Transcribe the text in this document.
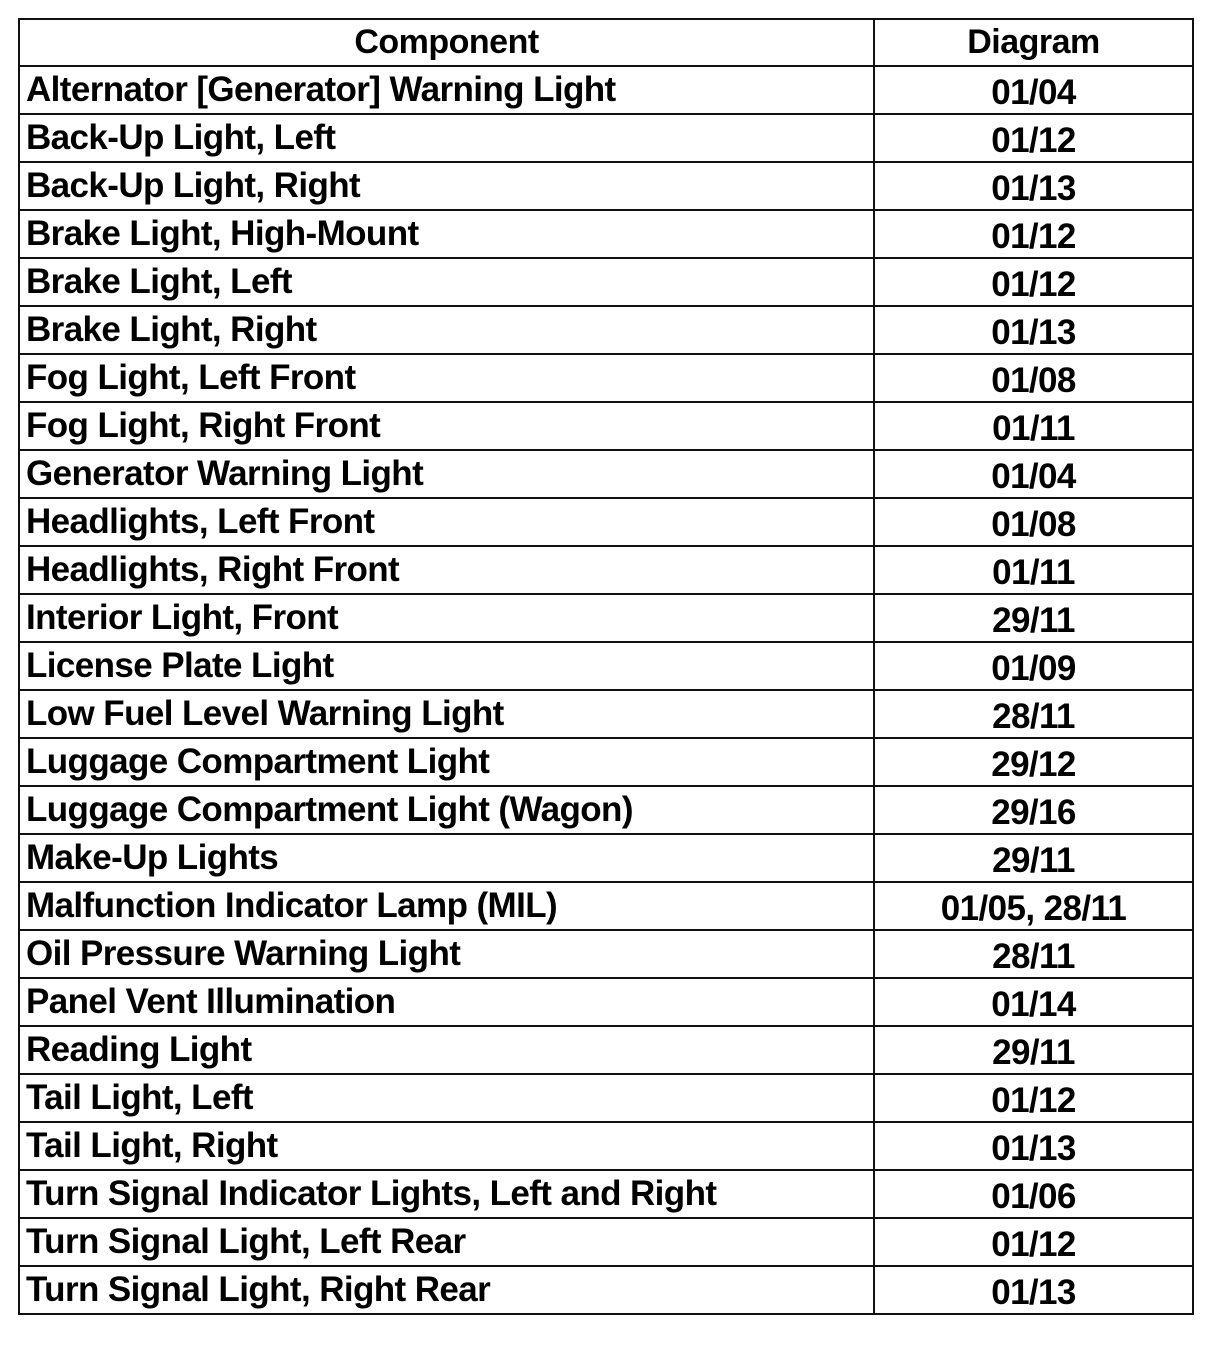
Component	Diagram
Alternator [Generator] Warning Light	01/04
Back-Up Light, Left	01/12
Back-Up Light, Right	01/13
Brake Light, High-Mount	01/12
Brake Light, Left	01/12
Brake Light, Right	01/13
Fog Light, Left Front	01/08
Fog Light, Right Front	01/11
Generator Warning Light	01/04
Headlights, Left Front	01/08
Headlights, Right Front	01/11
Interior Light, Front	29/11
License Plate Light	01/09
Low Fuel Level Warning Light	28/11
Luggage Compartment Light	29/12
Luggage Compartment Light (Wagon)	29/16
Make-Up Lights	29/11
Malfunction Indicator Lamp (MIL)	01/05, 28/11
Oil Pressure Warning Light	28/11
Panel Vent Illumination	01/14
Reading Light	29/11
Tail Light, Left	01/12
Tail Light, Right	01/13
Turn Signal Indicator Lights, Left and Right	01/06
Turn Signal Light, Left Rear	01/12
Turn Signal Light, Right Rear	01/13
